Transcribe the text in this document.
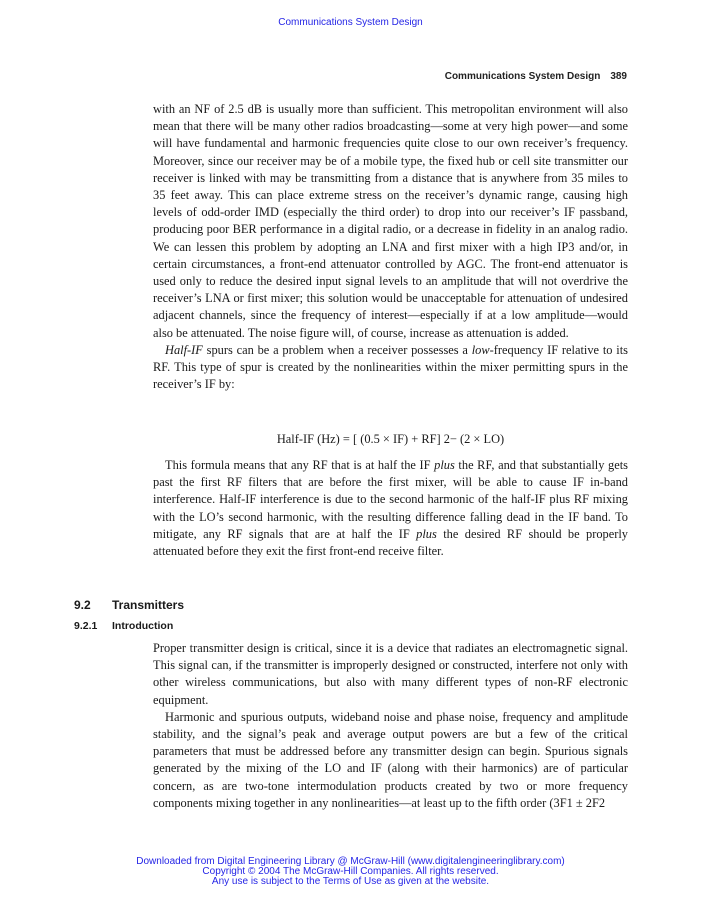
Communications System Design
Communications System Design 389

with an NF of 2.5 dB is usually more than sufficient. This metropolitan environment will also mean that there will be many other radios broadcasting—some at very high power—and some will have fundamental and harmonic frequencies quite close to our own receiver’s frequency. Moreover, since our receiver may be of a mobile type, the fixed hub or cell site transmitter our receiver is linked with may be transmitting from a distance that is anywhere from 35 miles to 35 feet away. This can place extreme stress on the receiver’s dynamic range, causing high levels of odd-order IMD (especially the third order) to drop into our receiver’s IF passband, producing poor BER performance in a digital radio, or a decrease in fidelity in an analog radio. We can lessen this problem by adopting an LNA and first mixer with a high IP3 and/or, in certain circumstances, a front-end attenuator controlled by AGC. The front-end attenuator is used only to reduce the desired input signal levels to an amplitude that will not overdrive the receiver’s LNA or first mixer; this solution would be unacceptable for attenuation of undesired adjacent channels, since the frequency of interest—especially if at a low amplitude—would also be attenuated. The noise figure will, of course, increase as attenuation is added.

Half-IF spurs can be a problem when a receiver possesses a low-frequency IF relative to its RF. This type of spur is created by the nonlinearities within the mixer permitting spurs in the receiver’s IF by:

Half-IF (Hz) = [ (0.5 × IF) + RF] 2− (2 × LO)

This formula means that any RF that is at half the IF plus the RF, and that substantially gets past the first RF filters that are before the first mixer, will be able to cause IF in-band interference. Half-IF interference is due to the second harmonic of the half-IF plus RF mixing with the LO’s second harmonic, with the resulting difference falling dead in the IF band. To mitigate, any RF signals that are at half the IF plus the desired RF should be properly attenuated before they exit the first front-end receive filter.

9.2 Transmitters
9.2.1 Introduction

Proper transmitter design is critical, since it is a device that radiates an electromagnetic signal. This signal can, if the transmitter is improperly designed or constructed, interfere not only with other wireless communications, but also with many different types of non-RF electronic equipment.

Harmonic and spurious outputs, wideband noise and phase noise, frequency and amplitude stability, and the signal’s peak and average output powers are but a few of the critical parameters that must be addressed before any transmitter design can begin. Spurious signals generated by the mixing of the LO and IF (along with their harmonics) are of particular concern, as are two-tone intermodulation products created by two or more frequency components mixing together in any nonlinearities—at least up to the fifth order (3F1 ± 2F2

Downloaded from Digital Engineering Library @ McGraw-Hill (www.digitalengineeringlibrary.com)
Copyright © 2004 The McGraw-Hill Companies. All rights reserved.
Any use is subject to the Terms of Use as given at the website.
